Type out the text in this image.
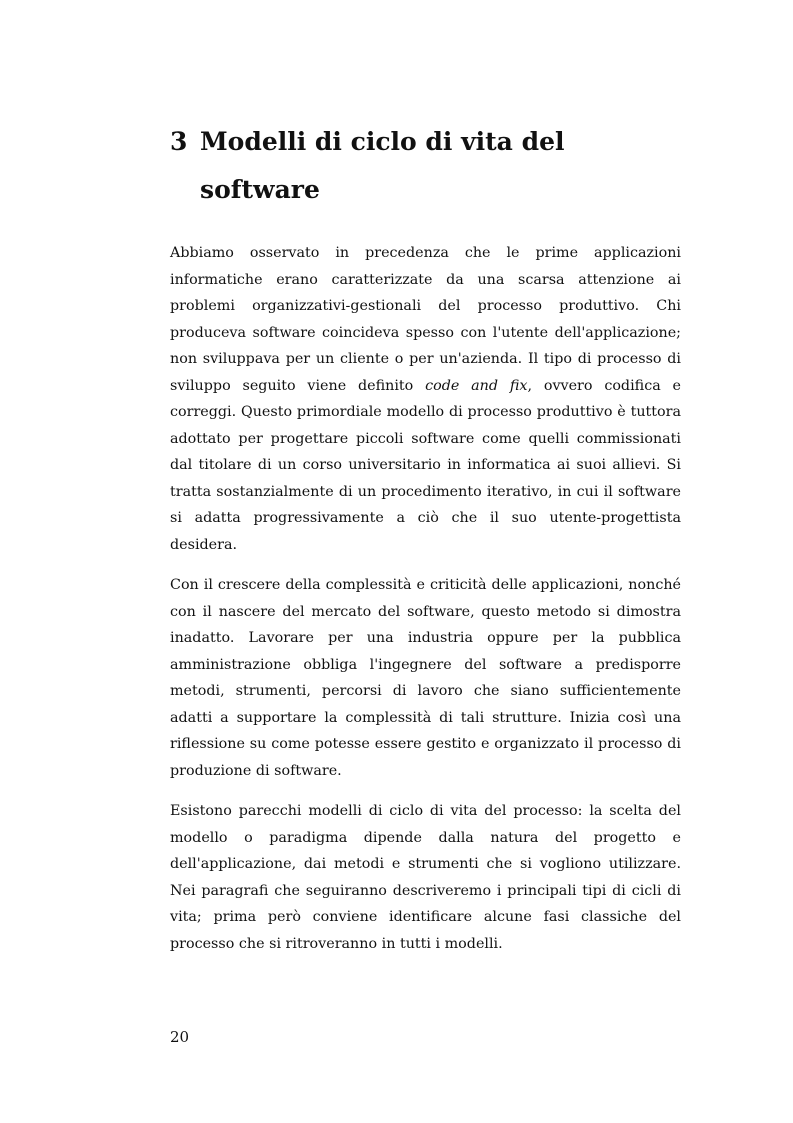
3 Modelli di ciclo di vita del software

Abbiamo osservato in precedenza che le prime applicazioni informatiche erano caratterizzate da una scarsa attenzione ai problemi organizzativi-gestionali del processo produttivo. Chi produceva software coincideva spesso con l'utente dell'applicazione; non sviluppava per un cliente o per un'azienda. Il tipo di processo di sviluppo seguito viene definito code and fix, ovvero codifica e correggi. Questo primordiale modello di processo produttivo è tuttora adottato per progettare piccoli software come quelli commissionati dal titolare di un corso universitario in informatica ai suoi allievi. Si tratta sostanzialmente di un procedimento iterativo, in cui il software si adatta progressivamente a ciò che il suo utente-progettista desidera.

Con il crescere della complessità e criticità delle applicazioni, nonché con il nascere del mercato del software, questo metodo si dimostra inadatto. Lavorare per una industria oppure per la pubblica amministrazione obbliga l'ingegnere del software a predisporre metodi, strumenti, percorsi di lavoro che siano sufficientemente adatti a supportare la complessità di tali strutture. Inizia così una riflessione su come potesse essere gestito e organizzato il processo di produzione di software.

Esistono parecchi modelli di ciclo di vita del processo: la scelta del modello o paradigma dipende dalla natura del progetto e dell'applicazione, dai metodi e strumenti che si vogliono utilizzare. Nei paragrafi che seguiranno descriveremo i principali tipi di cicli di vita; prima però conviene identificare alcune fasi classiche del processo che si ritroveranno in tutti i modelli.

20
